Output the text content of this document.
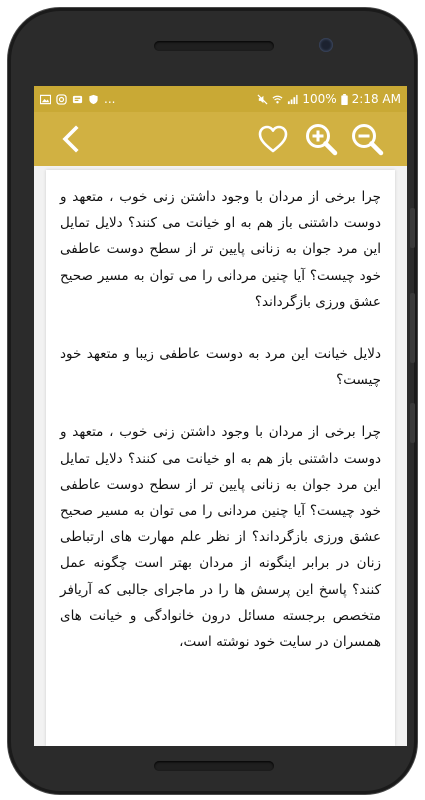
...	100% 2:18 AM

چرا برخی از مردان با وجود داشتن زنی خوب ، متعهد و دوست داشتنی باز هم به او خیانت می کنند؟ دلایل تمایل این مرد جوان به زنانی پایین تر از سطح دوست عاطفی خود چیست؟ آیا چنین مردانی را می توان به مسیر صحیح عشق ورزی بازگرداند؟

دلایل خیانت این مرد به دوست عاطفی زیبا و متعهد خود چیست؟

چرا برخی از مردان با وجود داشتن زنی خوب ، متعهد و دوست داشتنی باز هم به او خیانت می کنند؟ دلایل تمایل این مرد جوان به زنانی پایین تر از سطح دوست عاطفی خود چیست؟ آیا چنین مردانی را می توان به مسیر صحیح عشق ورزی بازگرداند؟ از نظر علم مهارت های ارتباطی زنان در برابر اینگونه از مردان بهتر است چگونه عمل کنند؟ پاسخ این پرسش ها را در ماجرای جالبی که آریافر متخصص برجسته مسائل درون خانوادگی و خیانت های همسران در سایت خود نوشته است،
